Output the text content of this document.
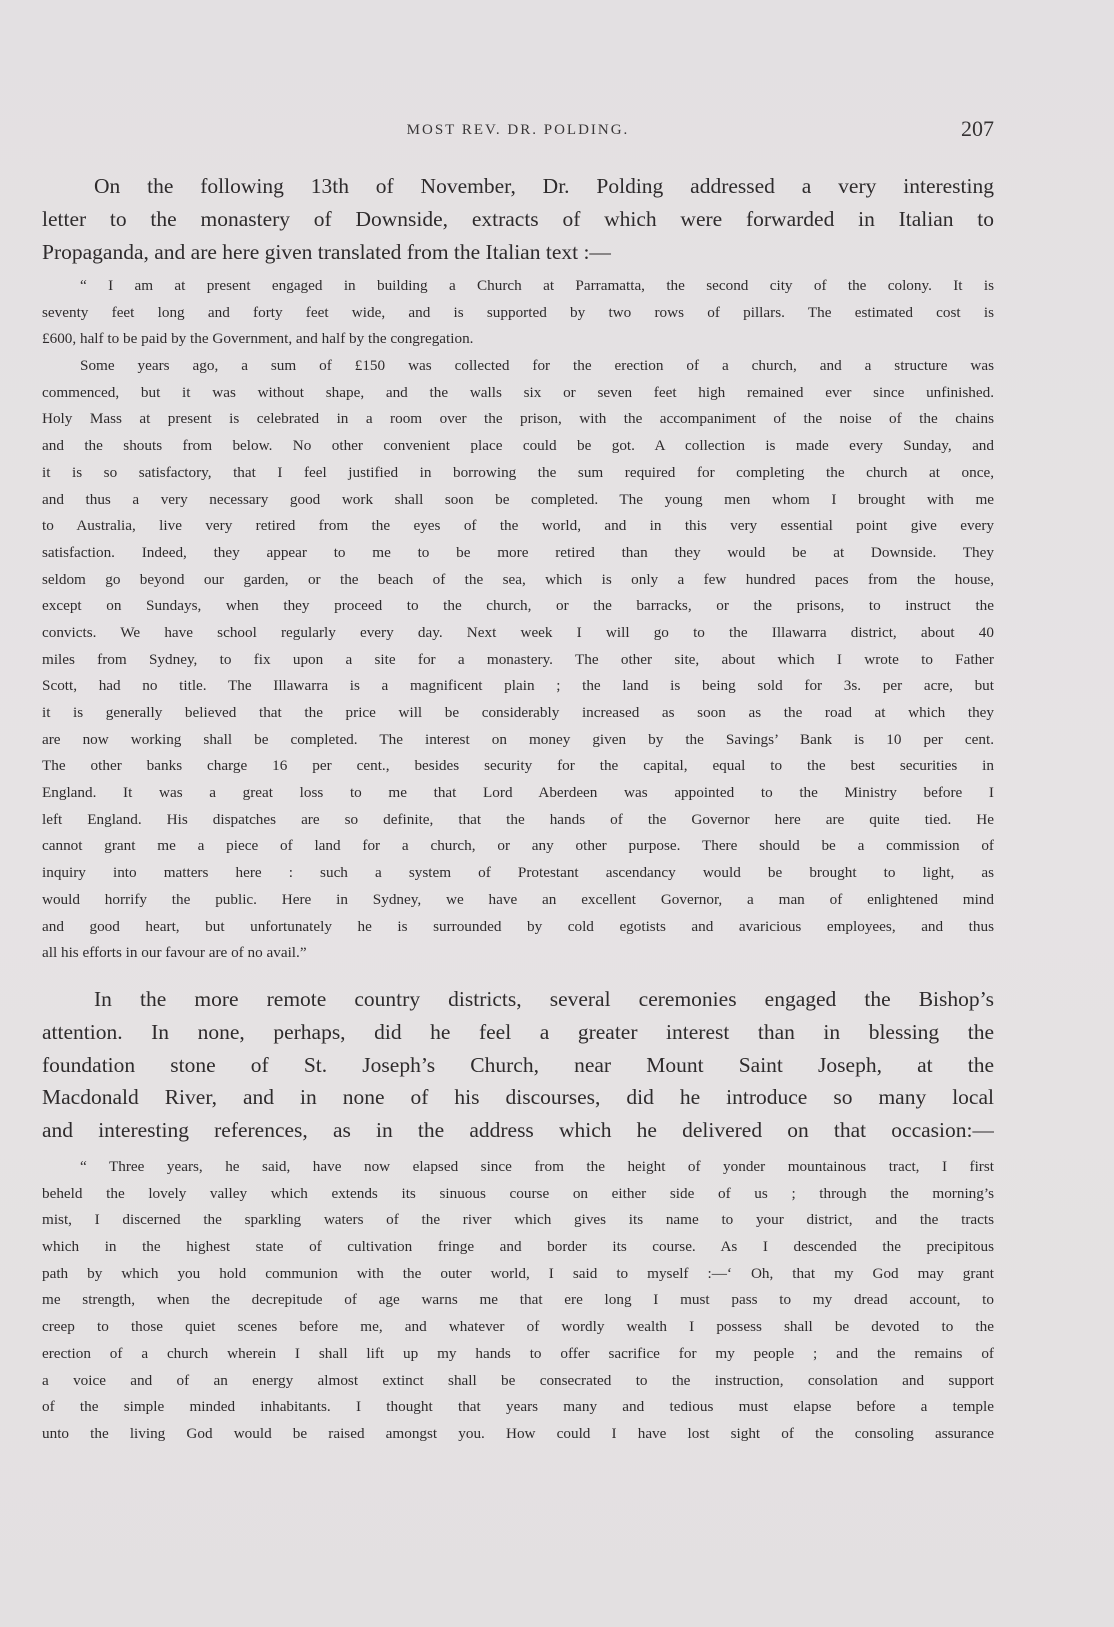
MOST REV. DR. POLDING.	207
On the following 13th of November, Dr. Polding addressed a very interesting
letter to the monastery of Downside, extracts of which were forwarded in Italian to
Propaganda, and are here given translated from the Italian text :—
“ I am at present engaged in building a Church at Parramatta, the second city of the colony. It is
seventy feet long and forty feet wide, and is supported by two rows of pillars. The estimated cost is
£600, half to be paid by the Government, and half by the congregation.
Some years ago, a sum of £150 was collected for the erection of a church, and a structure was
commenced, but it was without shape, and the walls six or seven feet high remained ever since unfinished.
Holy Mass at present is celebrated in a room over the prison, with the accompaniment of the noise of the chains
and the shouts from below. No other convenient place could be got. A collection is made every Sunday, and
it is so satisfactory, that I feel justified in borrowing the sum required for completing the church at once,
and thus a very necessary good work shall soon be completed. The young men whom I brought with me
to Australia, live very retired from the eyes of the world, and in this very essential point give every
satisfaction. Indeed, they appear to me to be more retired than they would be at Downside. They
seldom go beyond our garden, or the beach of the sea, which is only a few hundred paces from the house,
except on Sundays, when they proceed to the church, or the barracks, or the prisons, to instruct the
convicts. We have school regularly every day. Next week I will go to the Illawarra district, about 40
miles from Sydney, to fix upon a site for a monastery. The other site, about which I wrote to Father
Scott, had no title. The Illawarra is a magnificent plain ; the land is being sold for 3s. per acre, but
it is generally believed that the price will be considerably increased as soon as the road at which they
are now working shall be completed. The interest on money given by the Savings’ Bank is 10 per cent.
The other banks charge 16 per cent., besides security for the capital, equal to the best securities in
England. It was a great loss to me that Lord Aberdeen was appointed to the Ministry before I
left England. His dispatches are so definite, that the hands of the Governor here are quite tied. He
cannot grant me a piece of land for a church, or any other purpose. There should be a commission of
inquiry into matters here : such a system of Protestant ascendancy would be brought to light, as
would horrify the public. Here in Sydney, we have an excellent Governor, a man of enlightened mind
and good heart, but unfortunately he is surrounded by cold egotists and avaricious employees, and thus
all his efforts in our favour are of no avail.”
In the more remote country districts, several ceremonies engaged the Bishop’s
attention. In none, perhaps, did he feel a greater interest than in blessing the
foundation stone of St. Joseph’s Church, near Mount Saint Joseph, at the
Macdonald River, and in none of his discourses, did he introduce so many local
and interesting references, as in the address which he delivered on that occasion:—
“ Three years, he said, have now elapsed since from the height of yonder mountainous tract, I first
beheld the lovely valley which extends its sinuous course on either side of us ; through the morning’s
mist, I discerned the sparkling waters of the river which gives its name to your district, and the tracts
which in the highest state of cultivation fringe and border its course. As I descended the precipitous
path by which you hold communion with the outer world, I said to myself :—‘ Oh, that my God may grant
me strength, when the decrepitude of age warns me that ere long I must pass to my dread account, to
creep to those quiet scenes before me, and whatever of wordly wealth I possess shall be devoted to the
erection of a church wherein I shall lift up my hands to offer sacrifice for my people ; and the remains of
a voice and of an energy almost extinct shall be consecrated to the instruction, consolation and support
of the simple minded inhabitants. I thought that years many and tedious must elapse before a temple
unto the living God would be raised amongst you. How could I have lost sight of the consoling assurance
